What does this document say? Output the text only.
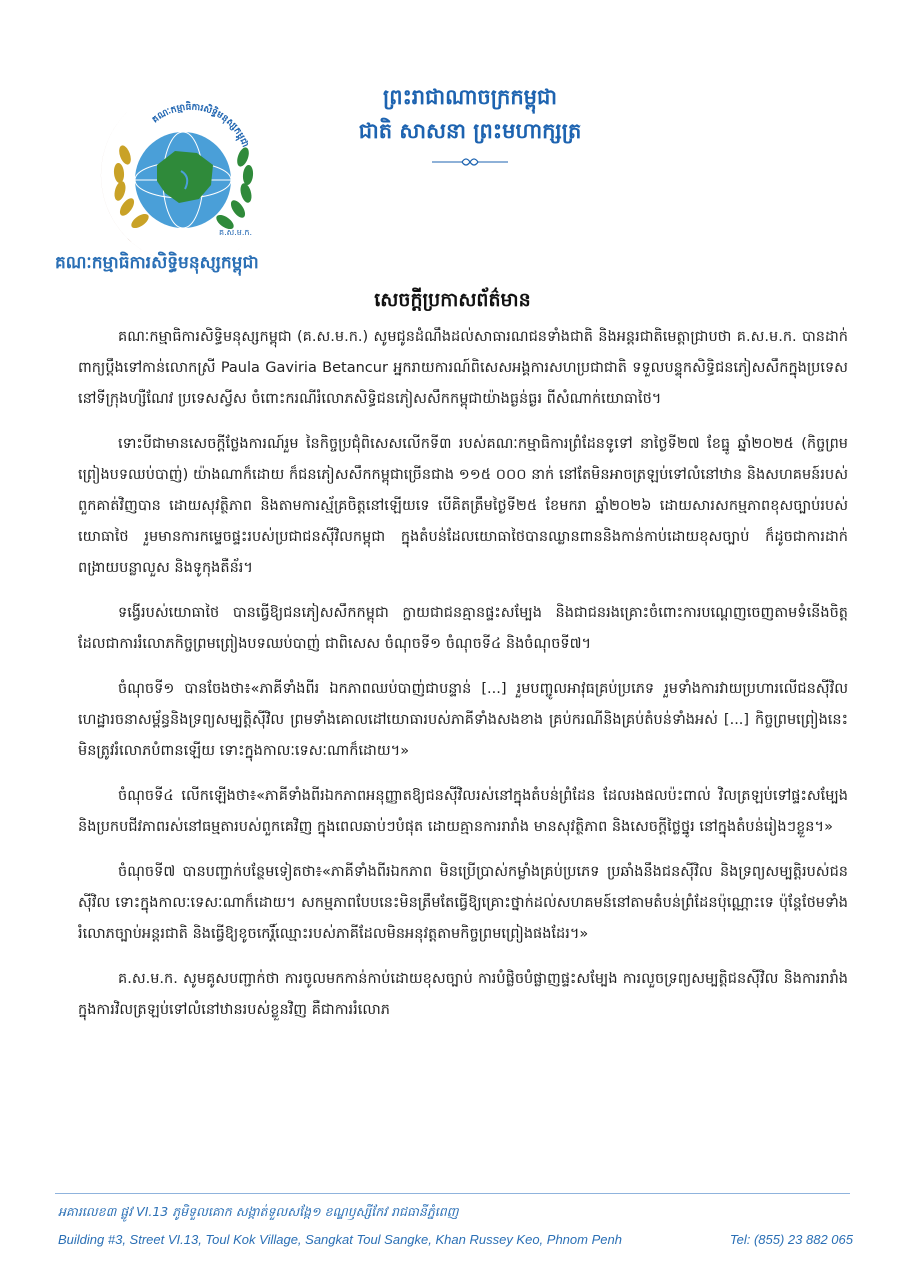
គណៈកម្មាធិការសិទ្ធិមនុស្សកម្ពុជា
គ.ស.ម.ក.
គណៈកម្មាធិការសិទ្ធិមនុស្សកម្ពុជា
ព្រះរាជាណាចក្រកម្ពុជា
ជាតិ សាសនា ព្រះមហាក្សត្រ
សេចក្តីប្រកាសព័ត៌មាន

គណៈកម្មាធិការសិទ្ធិមនុស្សកម្ពុជា (គ.ស.ម.ក.) សូមជូនដំណឹងដល់សាធារណជនទាំងជាតិ និងអន្តរជាតិមេត្តាជ្រាបថា គ.ស.ម.ក. បានដាក់ពាក្យប្តឹងទៅកាន់លោកស្រី Paula Gaviria Betancur អ្នករាយការណ៍ពិសេសអង្គការសហប្រជាជាតិ ទទួលបន្ទុកសិទ្ធិជនភៀសសឹកក្នុងប្រទេស នៅទីក្រុងហ្សឺណែវ ប្រទេសស្វីស ចំពោះករណីរំលោភសិទ្ធិជនភៀសសឹកកម្ពុជាយ៉ាងធ្ងន់ធ្ងរ ពីសំណាក់យោធាថៃ។

ទោះបីជាមានសេចក្តីថ្លែងការណ៍រួម នៃកិច្ចប្រជុំពិសេសលើកទី៣ របស់គណៈកម្មាធិការព្រំដែនទូទៅ នាថ្ងៃទី២៧ ខែធ្នូ ឆ្នាំ២០២៥ (កិច្ចព្រមព្រៀងបទឈប់បាញ់) យ៉ាងណាក៏ដោយ ក៏ជនភៀសសឹកកម្ពុជាច្រើនជាង ១១៥ ០០០ នាក់ នៅតែមិនអាចត្រឡប់ទៅលំនៅឋាន និងសហគមន៍របស់ពួកគាត់វិញបាន ដោយសុវត្ថិភាព និងតាមការស្ម័គ្រចិត្តនៅឡើយទេ បើគិតត្រឹមថ្ងៃទី២៥ ខែមករា ឆ្នាំ២០២៦ ដោយសារសកម្មភាពខុសច្បាប់របស់យោធាថៃ រួមមានការកម្ទេចផ្ទះរបស់ប្រជាជនស៊ីវិលកម្ពុជា ក្នុងតំបន់ដែលយោធាថៃបានឈ្លានពាននិងកាន់កាប់ដោយខុសច្បាប់ ក៏ដូចជាការដាក់ពង្រាយបន្លាលួស និងទូកុងតឺន័រ។

ទង្វើរបស់យោធាថៃ បានធ្វើឱ្យជនភៀសសឹកកម្ពុជា ក្លាយជាជនគ្មានផ្ទះសម្បែង និងជាជនរងគ្រោះចំពោះការបណ្តេញចេញតាមទំនើងចិត្ត ដែលជាការរំលោភកិច្ចព្រមព្រៀងបទឈប់បាញ់ ជាពិសេស ចំណុចទី១ ចំណុចទី៤ និងចំណុចទី៧។

ចំណុចទី១ បានចែងថា៖«ភាគីទាំងពីរ ឯកភាពឈប់បាញ់ជាបន្ទាន់ [...] រួមបញ្ចូលអាវុធគ្រប់ប្រភេទ រួមទាំងការវាយប្រហារលើជនស៊ីវិល ហេដ្ឋារចនាសម្ព័ន្ធនិងទ្រព្យសម្បត្តិស៊ីវិល ព្រមទាំងគោលដៅយោធារបស់ភាគីទាំងសងខាង គ្រប់ករណីនិងគ្រប់តំបន់ទាំងអស់ [...] កិច្ចព្រមព្រៀងនេះមិនត្រូវរំលោភបំពានឡើយ ទោះក្នុងកាលៈទេសៈណាក៏ដោយ។»

ចំណុចទី៤ លើកឡើងថា៖«ភាគីទាំងពីរឯកភាពអនុញ្ញាតឱ្យជនស៊ីវិលរស់នៅក្នុងតំបន់ព្រំដែន ដែលរងផលប៉ះពាល់ វិលត្រឡប់ទៅផ្ទះសម្បែង និងប្រកបជីវភាពរស់នៅធម្មតារបស់ពួកគេវិញ ក្នុងពេលឆាប់ៗបំផុត ដោយគ្មានការរារាំង មានសុវត្ថិភាព និងសេចក្តីថ្លៃថ្នូរ នៅក្នុងតំបន់រៀងៗខ្លួន។»

ចំណុចទី៧ បានបញ្ជាក់បន្ថែមទៀតថា៖«ភាគីទាំងពីរឯកភាព មិនប្រើប្រាស់កម្លាំងគ្រប់ប្រភេទ ប្រឆាំងនឹងជនស៊ីវិល និងទ្រព្យសម្បត្តិរបស់ជនស៊ីវិល ទោះក្នុងកាលៈទេសៈណាក៏ដោយ។ សកម្មភាពបែបនេះមិនត្រឹមតែធ្វើឱ្យគ្រោះថ្នាក់ដល់សហគមន៍នៅតាមតំបន់ព្រំដែនប៉ុណ្ណោះទេ ប៉ុន្តែថែមទាំងរំលោភច្បាប់អន្តរជាតិ និងធ្វើឱ្យខូចកេរ្តិ៍ឈ្មោះរបស់ភាគីដែលមិនអនុវត្តតាមកិច្ចព្រមព្រៀងផងដែរ។»

គ.ស.ម.ក. សូមគូសបញ្ជាក់ថា ការចូលមកកាន់កាប់ដោយខុសច្បាប់ ការបំផ្លិចបំផ្លាញផ្ទះសម្បែង ការលួចទ្រព្យសម្បត្តិជនស៊ីវិល និងការរារាំងក្នុងការវិលត្រឡប់ទៅលំនៅឋានរបស់ខ្លួនវិញ គឺជាការរំលោភ

អគារលេខ៣ ផ្លូវ VI.13 ភូមិទួលគោក សង្កាត់ទួលសង្កែ១ ខណ្ឌឫស្សីកែវ រាជធានីភ្នំពេញ
Building #3, Street VI.13, Toul Kok Village, Sangkat Toul Sangke, Khan Russey Keo, Phnom Penh	Tel: (855) 23 882 065
